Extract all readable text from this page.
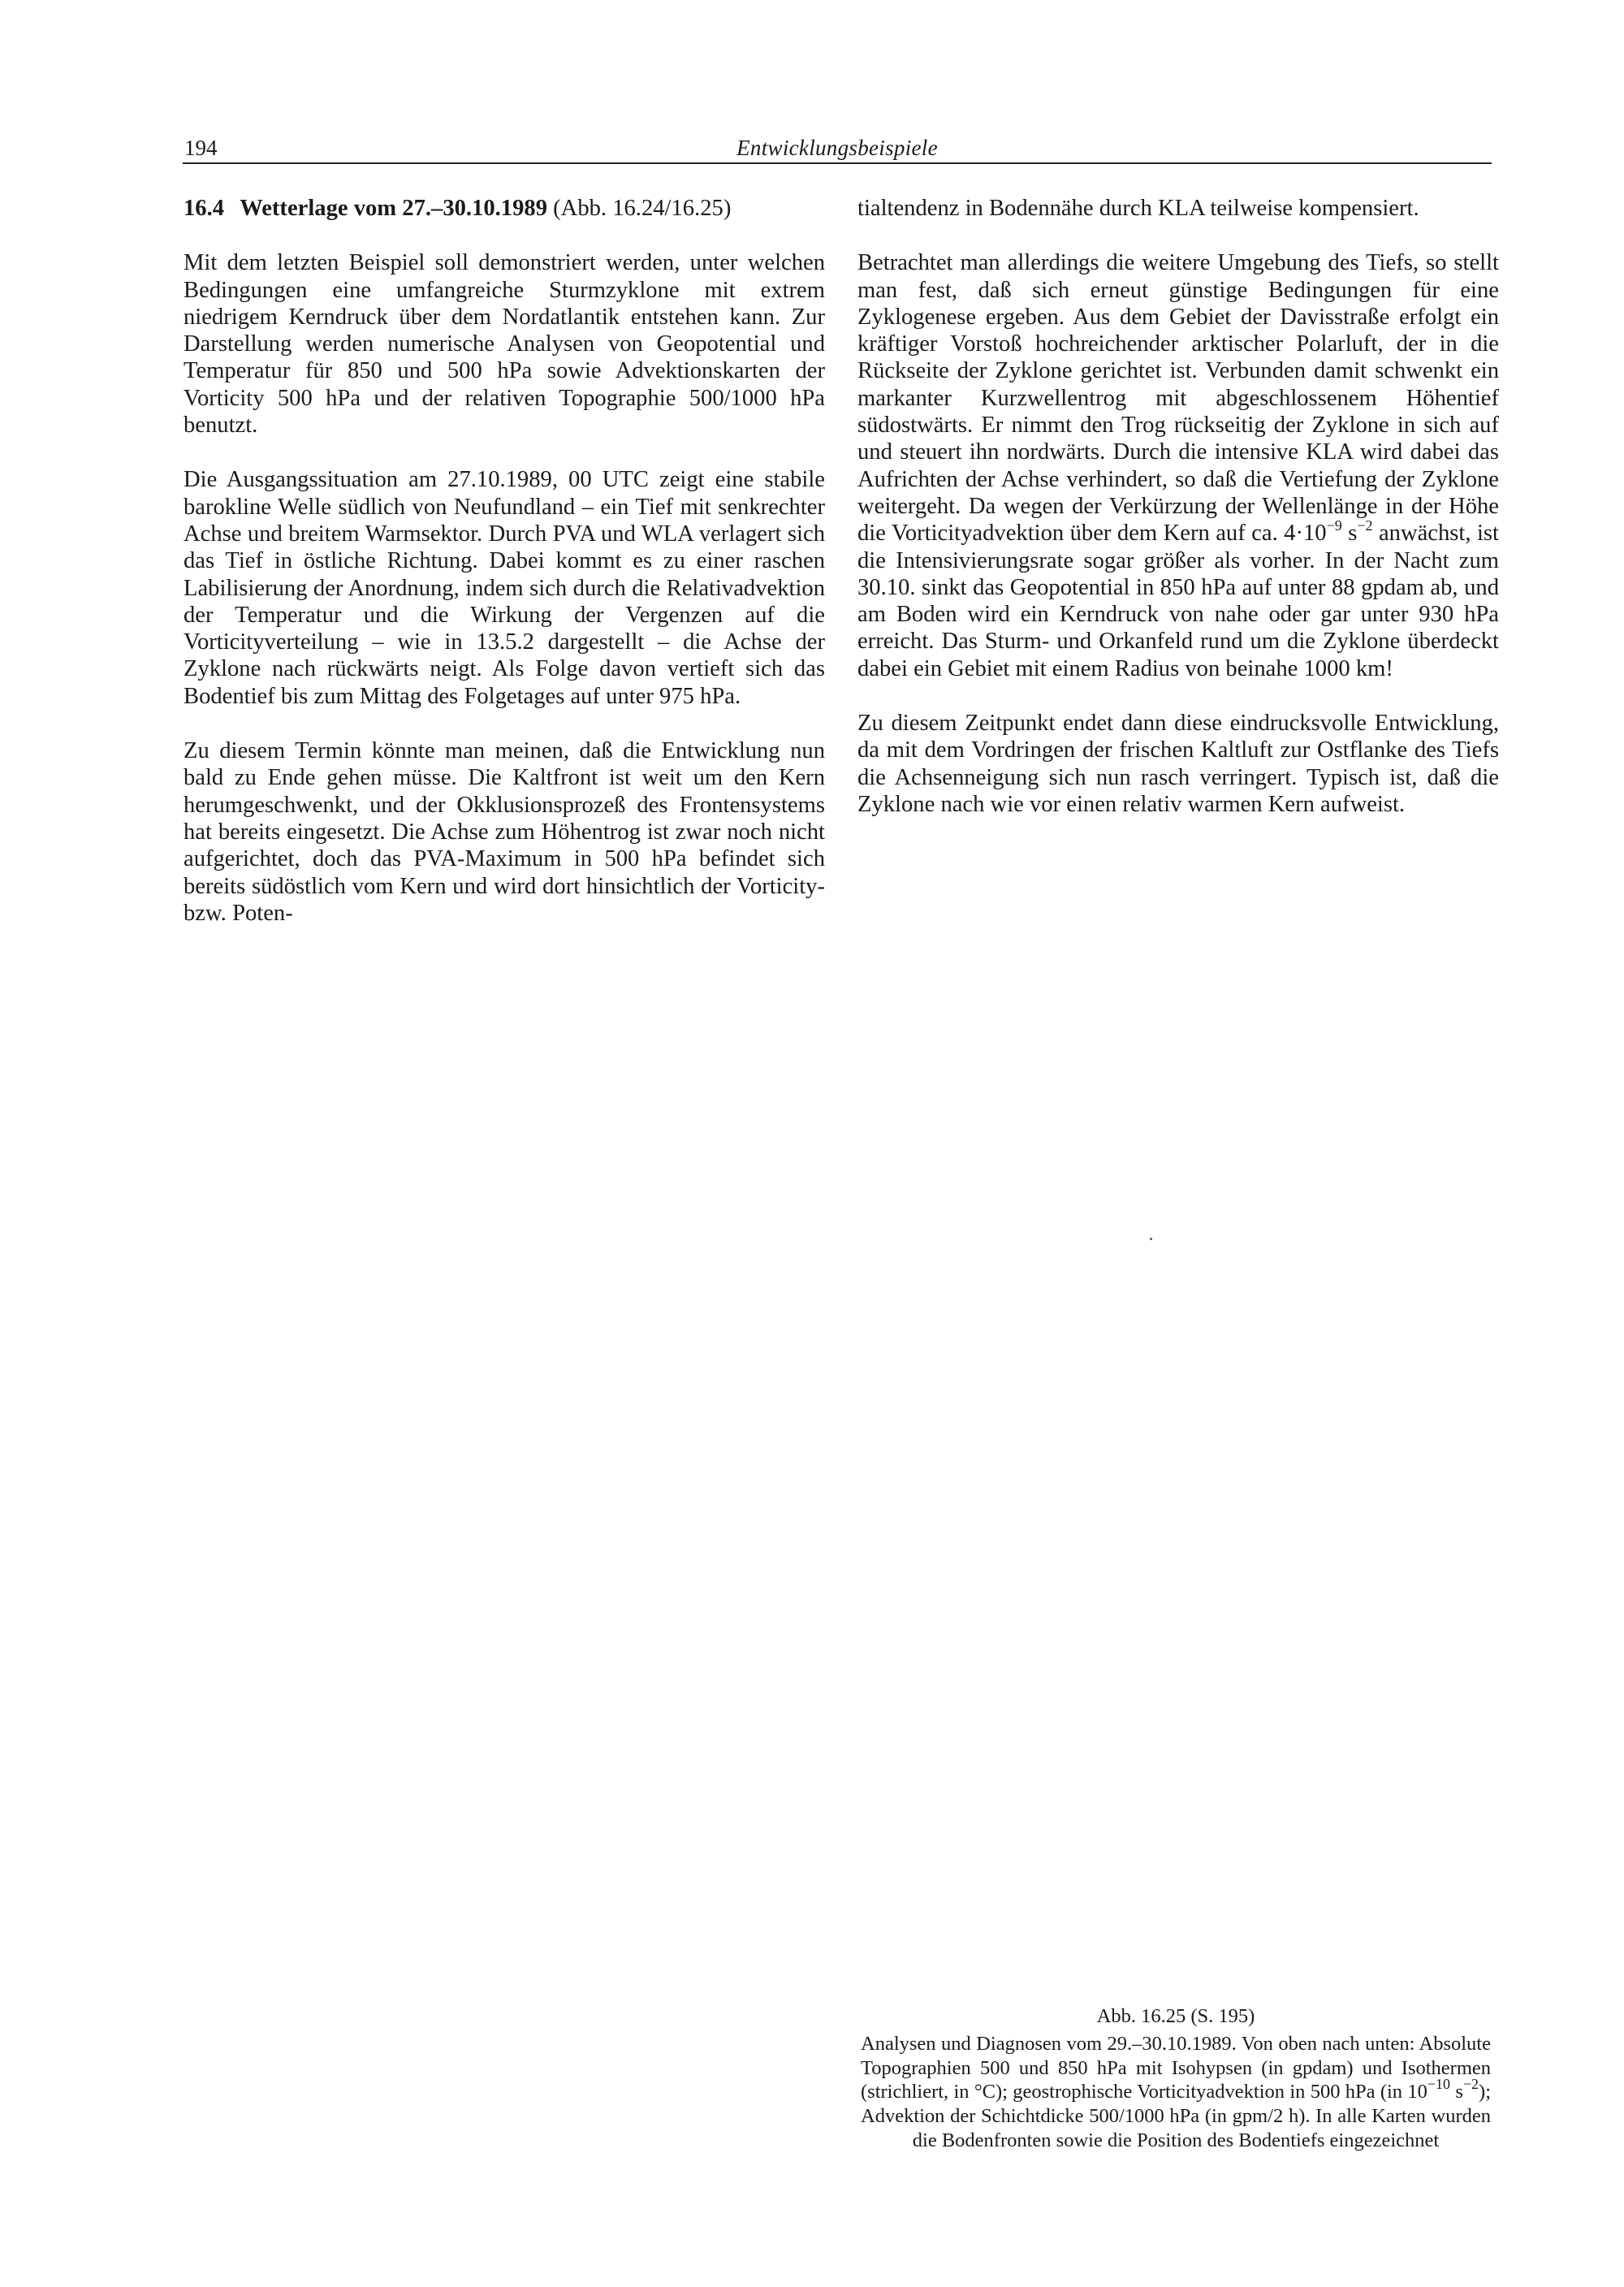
194	Entwicklungsbeispiele

16.4 Wetterlage vom 27.–30.10.1989 (Abb. 16.24/16.25)

Mit dem letzten Beispiel soll demonstriert werden, unter welchen Bedingungen eine umfangreiche Sturmzyklone mit extrem niedrigem Kerndruck über dem Nordatlantik entstehen kann. Zur Darstellung werden numerische Analysen von Geopotential und Temperatur für 850 und 500 hPa sowie Advektionskarten der Vorticity 500 hPa und der relativen Topographie 500/1000 hPa benutzt.

Die Ausgangssituation am 27.10.1989, 00 UTC zeigt eine stabile barokline Welle südlich von Neufundland – ein Tief mit senkrechter Achse und breitem Warmsektor. Durch PVA und WLA verlagert sich das Tief in östliche Richtung. Dabei kommt es zu einer raschen Labilisierung der Anordnung, indem sich durch die Relativadvektion der Temperatur und die Wirkung der Vergenzen auf die Vorticityverteilung – wie in 13.5.2 dargestellt – die Achse der Zyklone nach rückwärts neigt. Als Folge davon vertieft sich das Bodentief bis zum Mittag des Folgetages auf unter 975 hPa.

Zu diesem Termin könnte man meinen, daß die Entwicklung nun bald zu Ende gehen müsse. Die Kaltfront ist weit um den Kern herumgeschwenkt, und der Okklusionsprozeß des Frontensystems hat bereits eingesetzt. Die Achse zum Höhentrog ist zwar noch nicht aufgerichtet, doch das PVA-Maximum in 500 hPa befindet sich bereits südöstlich vom Kern und wird dort hinsichtlich der Vorticity- bzw. Poten-

tialtendenz in Bodennähe durch KLA teilweise kompensiert.

Betrachtet man allerdings die weitere Umgebung des Tiefs, so stellt man fest, daß sich erneut günstige Bedingungen für eine Zyklogenese ergeben. Aus dem Gebiet der Davisstraße erfolgt ein kräftiger Vorstoß hochreichender arktischer Polarluft, der in die Rückseite der Zyklone gerichtet ist. Verbunden damit schwenkt ein markanter Kurzwellentrog mit abgeschlossenem Höhentief südostwärts. Er nimmt den Trog rückseitig der Zyklone in sich auf und steuert ihn nordwärts. Durch die intensive KLA wird dabei das Aufrichten der Achse verhindert, so daß die Vertiefung der Zyklone weitergeht. Da wegen der Verkürzung der Wellenlänge in der Höhe die Vorticityadvektion über dem Kern auf ca. $4\cdot 10^{-9}$ $s^{-2}$ anwächst, ist die Intensivierungsrate sogar größer als vorher. In der Nacht zum 30.10. sinkt das Geopotential in 850 hPa auf unter 88 gpdam ab, und am Boden wird ein Kerndruck von nahe oder gar unter 930 hPa erreicht. Das Sturm- und Orkanfeld rund um die Zyklone überdeckt dabei ein Gebiet mit einem Radius von beinahe 1000 km!

Zu diesem Zeitpunkt endet dann diese eindrucksvolle Entwicklung, da mit dem Vordringen der frischen Kaltluft zur Ostflanke des Tiefs die Achsenneigung sich nun rasch verringert. Typisch ist, daß die Zyklone nach wie vor einen relativ warmen Kern aufweist.

Abb. 16.25 (S. 195)

Analysen und Diagnosen vom 29.–30.10.1989. Von oben nach unten: Absolute Topographien 500 und 850 hPa mit Isohypsen (in gpdam) und Isothermen (strichliert, in °C); geostrophische Vorticityadvektion in 500 hPa (in $10^{-10}$ $s^{-2}$); Advektion der Schichtdicke 500/1000 hPa (in gpm/2 h). In alle Karten wurden die Bodenfronten sowie die Position des Bodentiefs eingezeichnet
